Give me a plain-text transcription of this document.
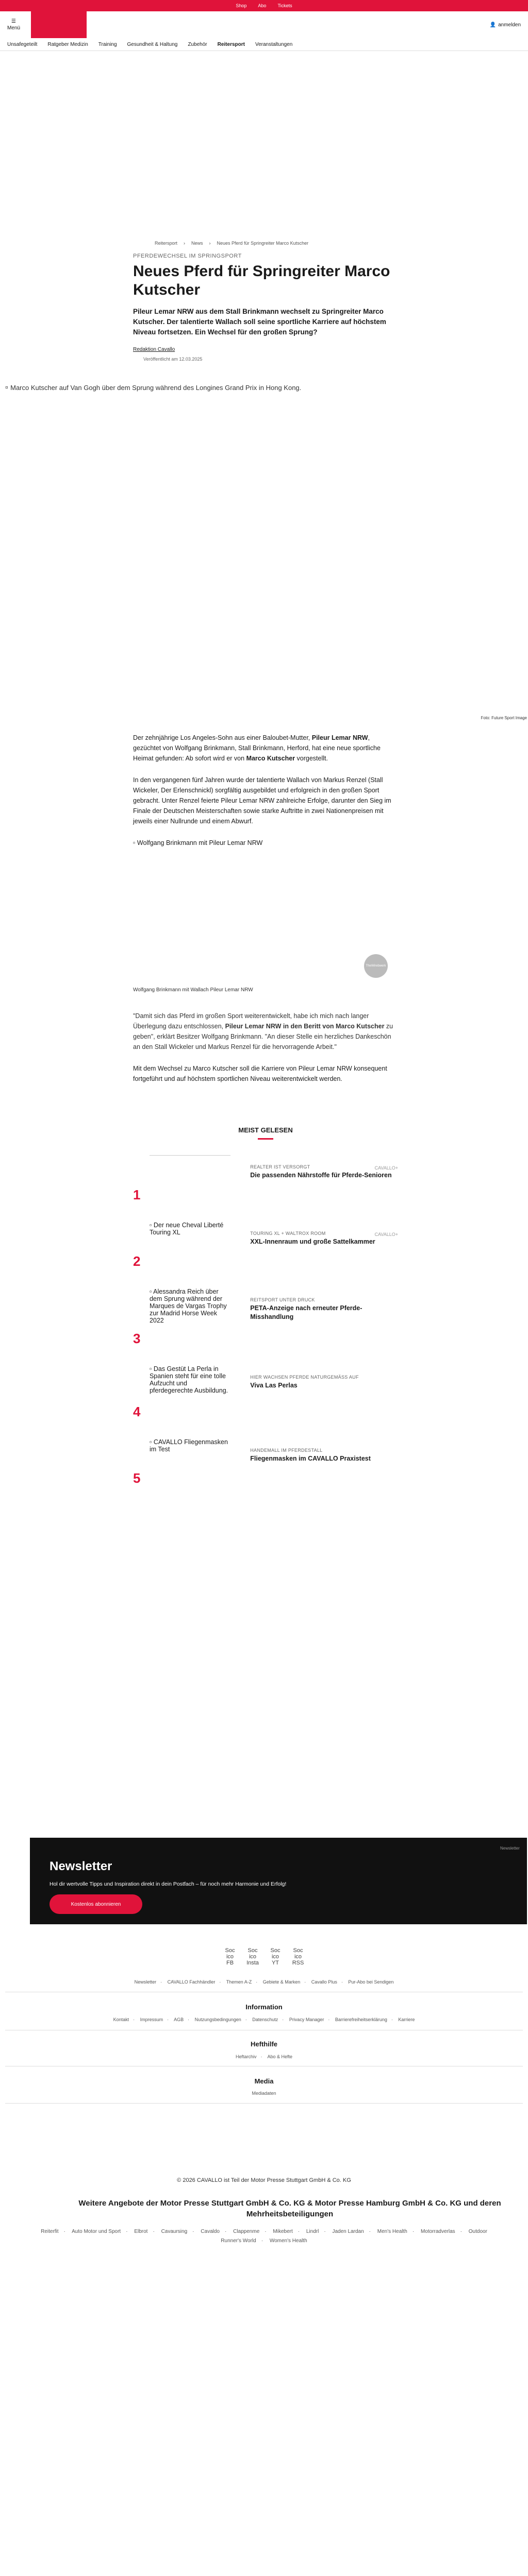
Shop Abo Tickets
☰
Menü
👤 anmelden
Unsafegeteilt Ratgeber Medizin Training Gesundheit & Haltung Zubehör Reitersport Veranstaltungen
Reitersport › News › Neues Pferd für Springreiter Marco Kutscher
PFERDEWECHSEL IM SPRINGSPORT
Neues Pferd für Springreiter Marco Kutscher
Pileur Lemar NRW aus dem Stall Brinkmann wechselt zu Springreiter Marco Kutscher. Der talentierte Wallach soll seine sportliche Karriere auf höchstem Niveau fortsetzen. Ein Wechsel für den großen Sprung?
Redaktion Cavallo
Veröffentlicht am 12.03.2025
▫ Marco Kutscher auf Van Gogh über dem Sprung während des Longines Grand Prix in Hong Kong.
Foto: Future Sport Image

Der zehnjährige Los Angeles-Sohn aus einer Baloubet-Mutter, Pileur Lemar NRW, gezüchtet von Wolfgang Brinkmann, Stall Brinkmann, Herford, hat eine neue sportliche Heimat gefunden: Ab sofort wird er von Marco Kutscher vorgestellt.

In den vergangenen fünf Jahren wurde der talentierte Wallach von Markus Renzel (Stall Wickeler, Der Erlenschnickl) sorgfältig ausgebildet und erfolgreich in den großen Sport gebracht. Unter Renzel feierte Pileur Lemar NRW zahlreiche Erfolge, darunter den Sieg im Finale der Deutschen Meisterschaften sowie starke Auftritte in zwei Nationenpreisen mit jeweils einer Nullrunde und einem Abwurf.

▫ Wolfgang Brinkmann mit Pileur Lemar NRW
TheWirebwerk
Wolfgang Brinkmann mit Wallach Pileur Lemar NRW

"Damit sich das Pferd im großen Sport weiterentwickelt, habe ich mich nach langer Überlegung dazu entschlossen, Pileur Lemar NRW in den Beritt von Marco Kutscher zu geben", erklärt Besitzer Wolfgang Brinkmann. "An dieser Stelle ein herzliches Dankeschön an den Stall Wickeler und Markus Renzel für die hervorragende Arbeit."

Mit dem Wechsel zu Marco Kutscher soll die Karriere von Pileur Lemar NRW konsequent fortgeführt und auf höchstem sportlichen Niveau weiterentwickelt werden.

MEIST GELESEN
1
REALTER IST VERSORGT
Die passenden Nährstoffe für Pferde-Senioren
CAVALLO+
2
▫ Der neue Cheval Liberté Touring XL	TOURING XL + WALTROX ROOM
XXL-Innenraum und große Sattelkammer
CAVALLO+
3
▫ Alessandra Reich über dem Sprung während der Marques de Vargas Trophy zur Madrid Horse Week 2022
REITSPORT UNTER DRUCK
PETA-Anzeige nach erneuter Pferde-Misshandlung
4
▫ Das Gestüt La Perla in Spanien steht für eine tolle Aufzucht und pferdegerechte Ausbildung.
HIER WACHSEN PFERDE NATURGEMÄSS AUF
Viva Las Perlas
5
▫ CAVALLO Fliegenmasken im Test	HANDEMALL IM PFERDESTALL
Fliegenmasken im CAVALLO Praxistest
Newsletter

Hol dir wertvolle Tipps und Inspiration direkt in dein Postfach – für noch mehr Harmonie und Erfolg!

Kostenlos abonnieren
Newsletter
Soc ico FB
Soc ico Insta
Soc ico YT
Soc ico RSS
Newsletter · CAVALLO Fachhändler · Themen A-Z · Gebiete & Marken · Cavallo Plus · Pur-Abo bei Sendigen
Information
Kontakt · Impressum · AGB · Nutzungsbedingungen · Datenschutz · Privacy Manager · Barrierefreiheitserklärung · Karriere
Hefthilfe
Heftarchiv · Abo & Hefte
Media
Mediadaten
© 2026 CAVALLO ist Teil der Motor Presse Stuttgart GmbH & Co. KG
Weitere Angebote der Motor Presse Stuttgart GmbH & Co. KG & Motor Presse Hamburg GmbH & Co. KG und deren Mehrheitsbeteiligungen
Reiterfit · Auto Motor und Sport · Elbrot · Cavaursing · Cavaldo · Clappenme · Mikebert · Lindrl · Jaden Lardan · Men's Health · Motorradverlas · Outdoor
Runner's World · Women's Health
